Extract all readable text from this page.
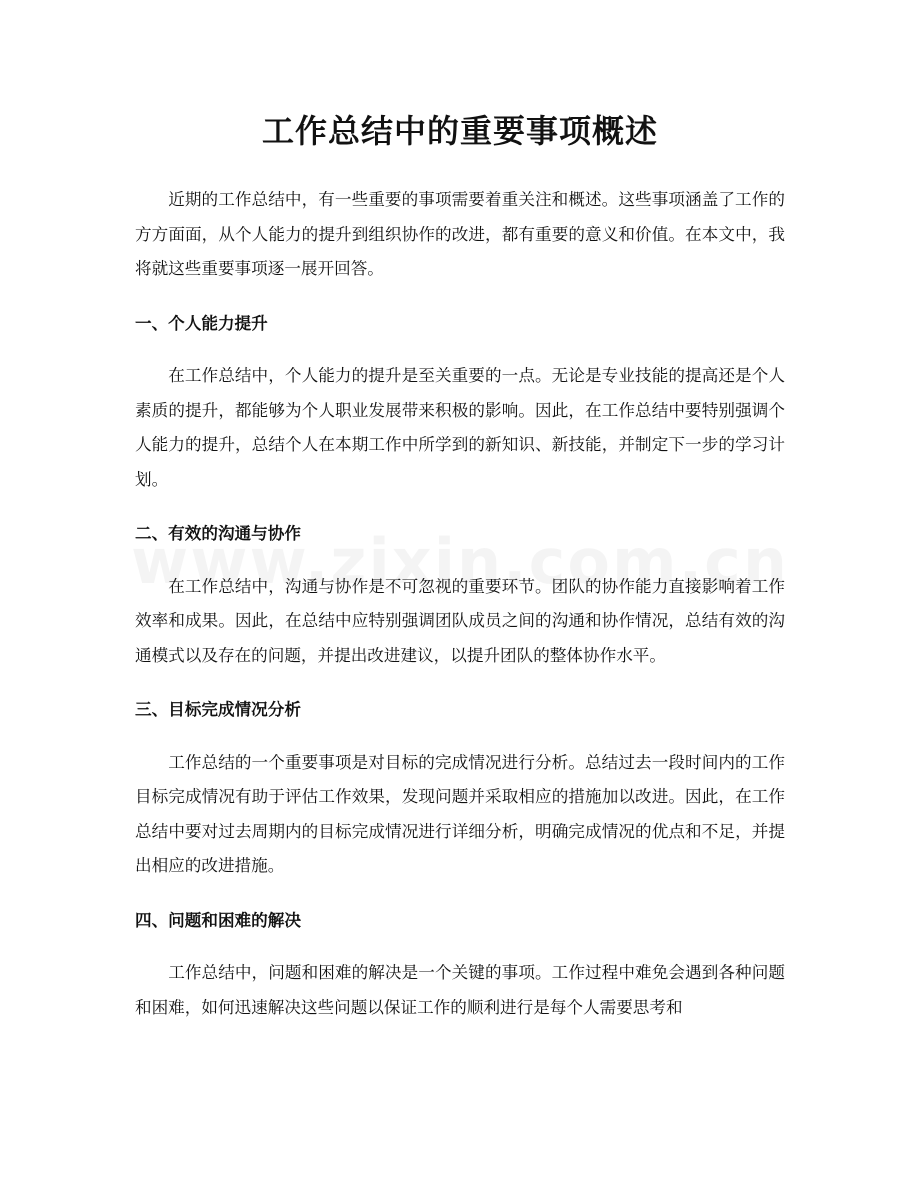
工作总结中的重要事项概述

近期的工作总结中，有一些重要的事项需要着重关注和概述。这些事项涵盖了工作的方方面面，从个人能力的提升到组织协作的改进，都有重要的意义和价值。在本文中，我将就这些重要事项逐一展开回答。

一、个人能力提升

在工作总结中，个人能力的提升是至关重要的一点。无论是专业技能的提高还是个人素质的提升，都能够为个人职业发展带来积极的影响。因此，在工作总结中要特别强调个人能力的提升，总结个人在本期工作中所学到的新知识、新技能，并制定下一步的学习计划。

二、有效的沟通与协作

在工作总结中，沟通与协作是不可忽视的重要环节。团队的协作能力直接影响着工作效率和成果。因此，在总结中应特别强调团队成员之间的沟通和协作情况，总结有效的沟通模式以及存在的问题，并提出改进建议，以提升团队的整体协作水平。

三、目标完成情况分析

工作总结的一个重要事项是对目标的完成情况进行分析。总结过去一段时间内的工作目标完成情况有助于评估工作效果，发现问题并采取相应的措施加以改进。因此，在工作总结中要对过去周期内的目标完成情况进行详细分析，明确完成情况的优点和不足，并提出相应的改进措施。

四、问题和困难的解决

工作总结中，问题和困难的解决是一个关键的事项。工作过程中难免会遇到各种问题和困难，如何迅速解决这些问题以保证工作的顺利进行是每个人需要思考和
